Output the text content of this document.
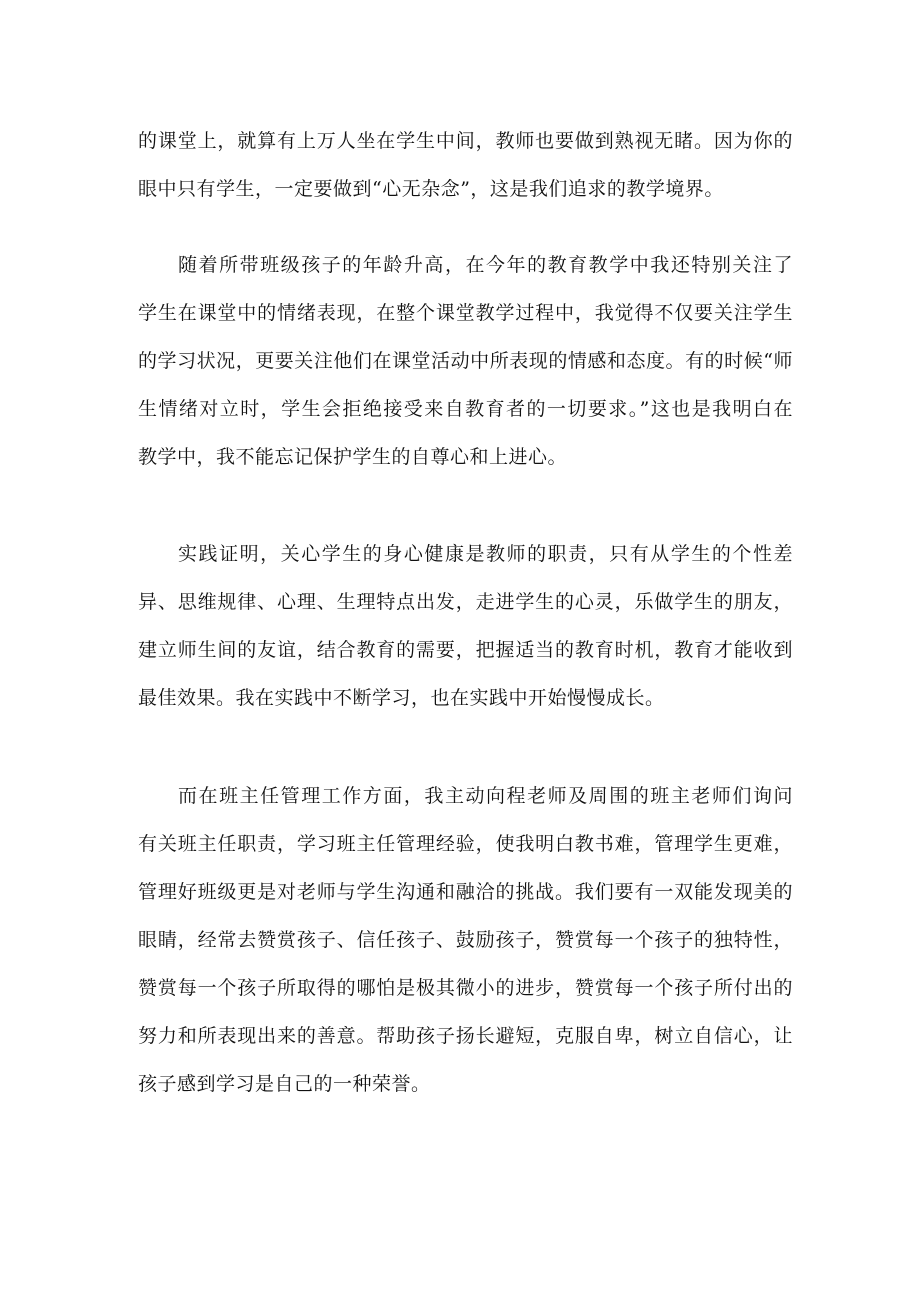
的课堂上，就算有上万人坐在学生中间，教师也要做到熟视无睹。因为你的
眼中只有学生，一定要做到“心无杂念”，这是我们追求的教学境界。
随着所带班级孩子的年龄升高，在今年的教育教学中我还特别关注了
学生在课堂中的情绪表现，在整个课堂教学过程中，我觉得不仅要关注学生
的学习状况，更要关注他们在课堂活动中所表现的情感和态度。有的时候“师
生情绪对立时，学生会拒绝接受来自教育者的一切要求。”这也是我明白在
教学中，我不能忘记保护学生的自尊心和上进心。
实践证明，关心学生的身心健康是教师的职责，只有从学生的个性差
异、思维规律、心理、生理特点出发，走进学生的心灵，乐做学生的朋友，
建立师生间的友谊，结合教育的需要，把握适当的教育时机，教育才能收到
最佳效果。我在实践中不断学习，也在实践中开始慢慢成长。
而在班主任管理工作方面，我主动向程老师及周围的班主老师们询问
有关班主任职责，学习班主任管理经验，使我明白教书难，管理学生更难，
管理好班级更是对老师与学生沟通和融洽的挑战。我们要有一双能发现美的
眼睛，经常去赞赏孩子、信任孩子、鼓励孩子，赞赏每一个孩子的独特性，
赞赏每一个孩子所取得的哪怕是极其微小的进步，赞赏每一个孩子所付出的
努力和所表现出来的善意。帮助孩子扬长避短，克服自卑，树立自信心，让
孩子感到学习是自己的一种荣誉。
